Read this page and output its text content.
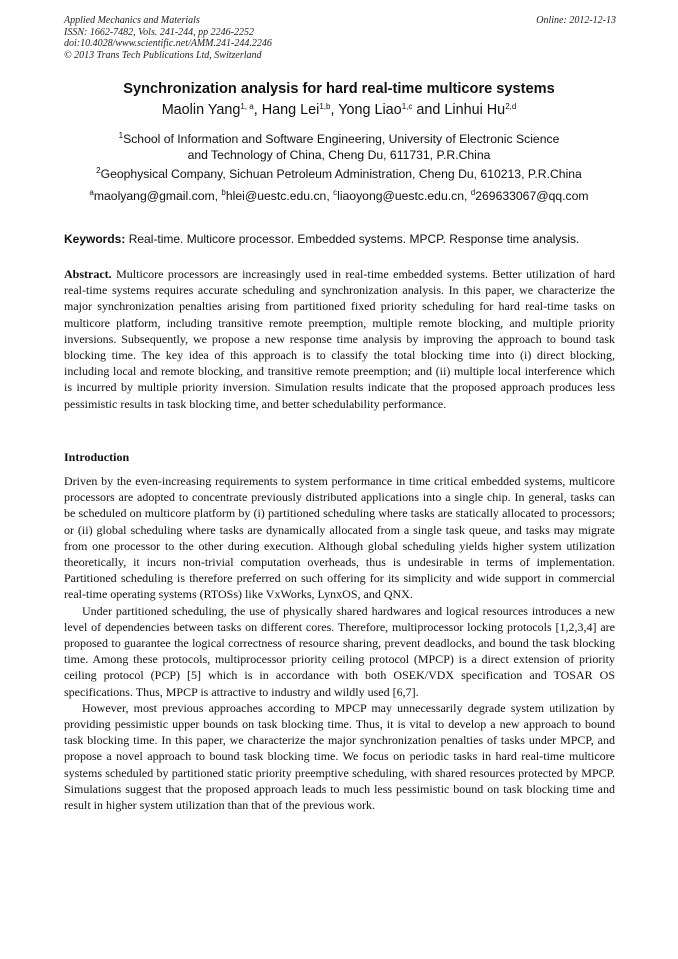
Applied Mechanics and Materials
ISSN: 1662-7482, Vols. 241-244, pp 2246-2252
doi:10.4028/www.scientific.net/AMM.241-244.2246
© 2013 Trans Tech Publications Ltd, Switzerland
Online: 2012-12-13
Synchronization analysis for hard real-time multicore systems
Maolin Yang$^{1, a}$, Hang Lei$^{1,b}$, Yong Liao$^{1,c}$ and Linhui Hu$^{2,d}$
$^1$School of Information and Software Engineering, University of Electronic Science
and Technology of China, Cheng Du, 611731, P.R.China
$^2$Geophysical Company, Sichuan Petroleum Administration, Cheng Du, 610213, P.R.China
$^a$maolyang@gmail.com, $^b$hlei@uestc.edu.cn, $^c$liaoyong@uestc.edu.cn, $^d$269633067@qq.com
Keywords: Real-time. Multicore processor. Embedded systems. MPCP. Response time analysis.
Abstract. Multicore processors are increasingly used in real-time embedded systems. Better utilization of hard real-time systems requires accurate scheduling and synchronization analysis. In this paper, we characterize the major synchronization penalties arising from partitioned fixed priority scheduling for hard real-time tasks on multicore platform, including transitive remote preemption, multiple remote blocking, and multiple priority inversions. Subsequently, we propose a new response time analysis by improving the approach to bound task blocking time. The key idea of this approach is to classify the total blocking time into (i) direct blocking, including local and remote blocking, and transitive remote preemption; and (ii) multiple local interference which is incurred by multiple priority inversion. Simulation results indicate that the proposed approach produces less pessimistic results in task blocking time, and better schedulability performance.
Introduction

Driven by the even-increasing requirements to system performance in time critical embedded systems, multicore processors are adopted to concentrate previously distributed applications into a single chip. In general, tasks can be scheduled on multicore platform by (i) partitioned scheduling where tasks are statically allocated to processors; or (ii) global scheduling where tasks are dynamically allocated from a single task queue, and tasks may migrate from one processor to the other during execution. Although global scheduling yields higher system utilization theoretically, it incurs non-trivial computation overheads, thus is undesirable in terms of implementation. Partitioned scheduling is therefore preferred on such offering for its simplicity and wide support in commercial real-time operating systems (RTOSs) like VxWorks, LynxOS, and QNX.

Under partitioned scheduling, the use of physically shared hardwares and logical resources introduces a new level of dependencies between tasks on different cores. Therefore, multiprocessor locking protocols [1,2,3,4] are proposed to guarantee the logical correctness of resource sharing, prevent deadlocks, and bound the task blocking time. Among these protocols, multiprocessor priority ceiling protocol (MPCP) is a direct extension of priority ceiling protocol (PCP) [5] which is in accordance with both OSEK/VDX specification and TOSAR OS specifications. Thus, MPCP is attractive to industry and wildly used [6,7].

However, most previous approaches according to MPCP may unnecessarily degrade system utilization by providing pessimistic upper bounds on task blocking time. Thus, it is vital to develop a new approach to bound task blocking time. In this paper, we characterize the major synchronization penalties of tasks under MPCP, and propose a novel approach to bound task blocking time. We focus on periodic tasks in hard real-time multicore systems scheduled by partitioned static priority preemptive scheduling, with shared resources protected by MPCP. Simulations suggest that the proposed approach leads to much less pessimistic bound on task blocking time and result in higher system utilization than that of the previous work.
